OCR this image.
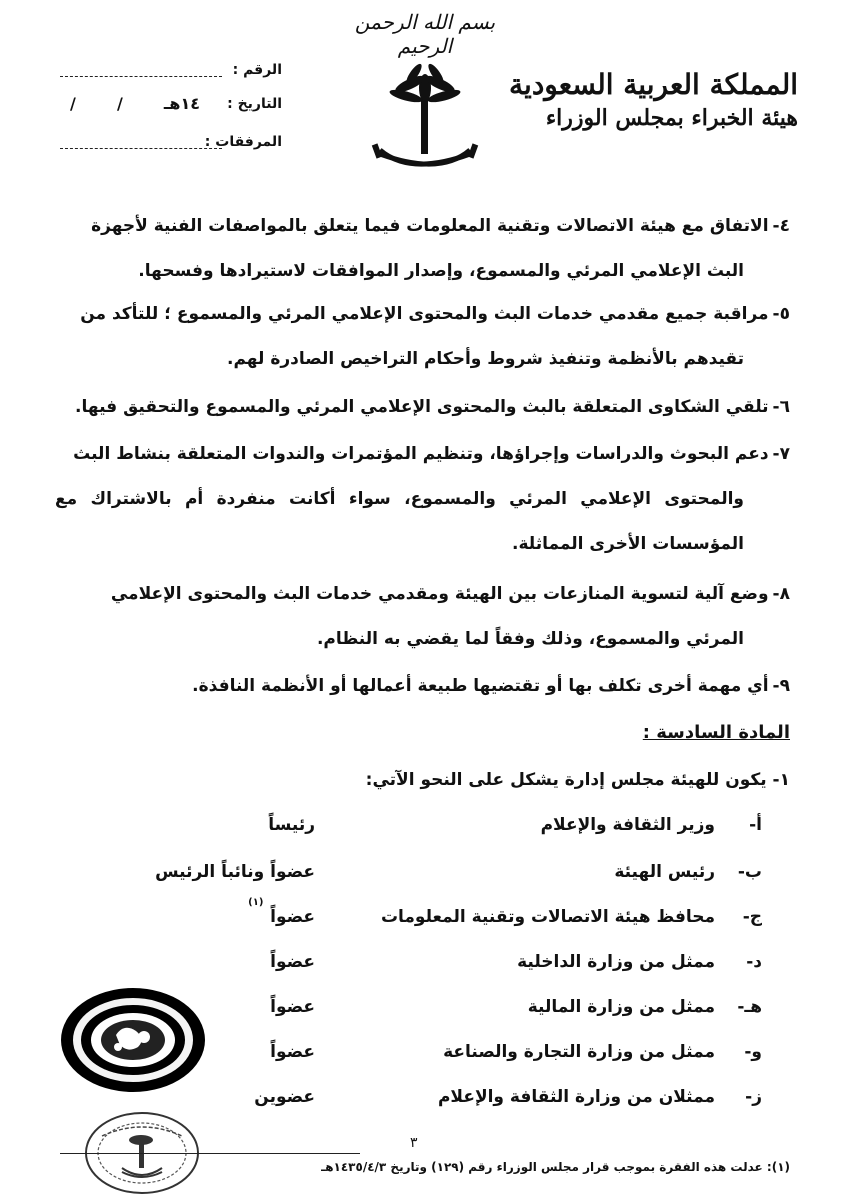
بسم الله الرحمن الرحيم
الرقم :
التاريخ :
١٤هـ
/
/
المرفقات :
المملكة العربية السعودية
هيئة الخبراء بمجلس الوزراء
٤-الاتفاق مع هيئة الاتصالات وتقنية المعلومات فيما يتعلق بالمواصفات الفنية لأجهزة
البث الإعلامي المرئي والمسموع، وإصدار الموافقات لاستيرادها وفسحها.
٥-مراقبة جميع مقدمي خدمات البث والمحتوى الإعلامي المرئي والمسموع ؛ للتأكد من
تقيدهم بالأنظمة وتنفيذ شروط وأحكام التراخيص الصادرة لهم.
٦-تلقي الشكاوى المتعلقة بالبث والمحتوى الإعلامي المرئي والمسموع والتحقيق فيها.
٧-دعم البحوث والدراسات وإجراؤها، وتنظيم المؤتمرات والندوات المتعلقة بنشاط البث
والمحتوى الإعلامي المرئي والمسموع، سواء أكانت منفردة أم بالاشتراك مع المؤسسات الأخرى المماثلة.
٨-وضع آلية لتسوية المنازعات بين الهيئة ومقدمي خدمات البث والمحتوى الإعلامي
المرئي والمسموع، وذلك وفقاً لما يقضي به النظام.
٩-أي مهمة أخرى تكلف بها أو تقتضيها طبيعة أعمالها أو الأنظمة النافذة.
المادة السادسة :
١- يكون للهيئة مجلس إدارة يشكل على النحو الآتي:
أ-
وزير الثقافة والإعلام
رئيساً
ب-
رئيس الهيئة
عضواً ونائباً الرئيس
ج-
محافظ هيئة الاتصالات وتقنية المعلومات
عضواً
(١)
د-
ممثل من وزارة الداخلية
عضواً
هـ-
ممثل من وزارة المالية
عضواً
و-
ممثل من وزارة التجارة والصناعة
عضواً
ز-
ممثلان من وزارة الثقافة والإعلام
عضوين
٣
(١): عدلت هذه الفقرة بموجب قرار مجلس الوزراء رقم (١٢٩) وتاريخ ١٤٣٥/٤/٣هـ
